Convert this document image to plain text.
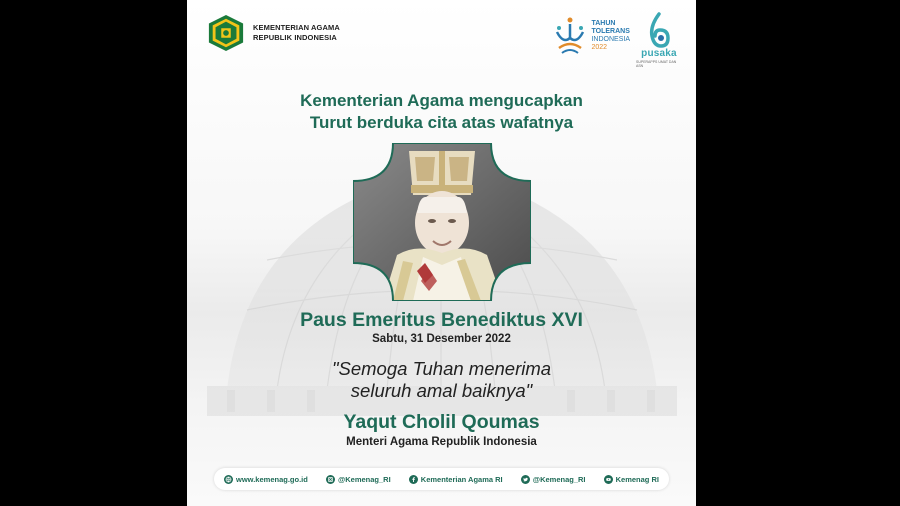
KEMENTERIAN AGAMA
REPUBLIK INDONESIA
TAHUN
TOLERANS
INDONESIA
2022
pusaka
SUPERAPPS UMAT DAN ASN
Kementerian Agama mengucapkan
Turut berduka cita atas wafatnya
Paus Emeritus Benediktus XVI
Sabtu, 31 Desember 2022
"Semoga Tuhan menerima
seluruh amal baiknya"
Yaqut Cholil Qoumas
Menteri Agama Republik Indonesia
www.kemenag.go.id	@Kemenag_RI	Kementerian Agama RI	@Kemenag_RI	Kemenag RI
